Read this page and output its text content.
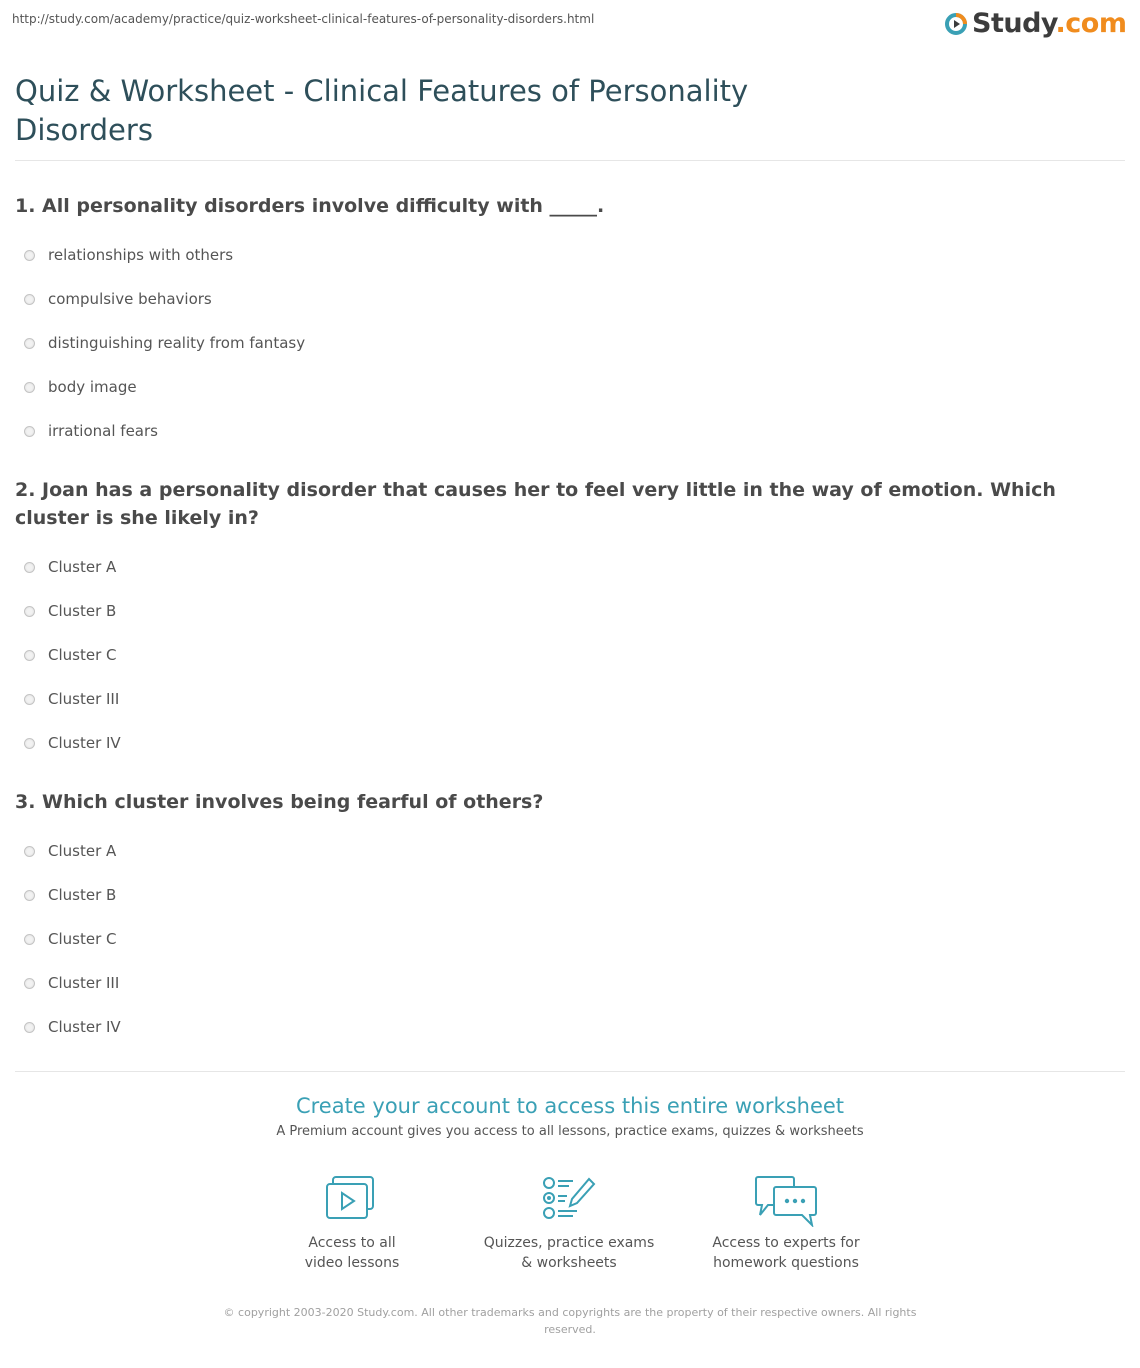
http://study.com/academy/practice/quiz-worksheet-clinical-features-of-personality-disorders.html	Study.com
Quiz & Worksheet - Clinical Features of Personality Disorders
1. All personality disorders involve difficulty with _____.
relationships with others
compulsive behaviors
distinguishing reality from fantasy
body image
irrational fears
2. Joan has a personality disorder that causes her to feel very little in the way of emotion. Which cluster is she likely in?
Cluster A
Cluster B
Cluster C
Cluster III
Cluster IV
3. Which cluster involves being fearful of others?
Cluster A
Cluster B
Cluster C
Cluster III
Cluster IV
Create your account to access this entire worksheet
A Premium account gives you access to all lessons, practice exams, quizzes & worksheets
Access to all
video lessons
Quizzes, practice exams
& worksheets
Access to experts for
homework questions
© copyright 2003-2020 Study.com. All other trademarks and copyrights are the property of their respective owners. All rights reserved.
